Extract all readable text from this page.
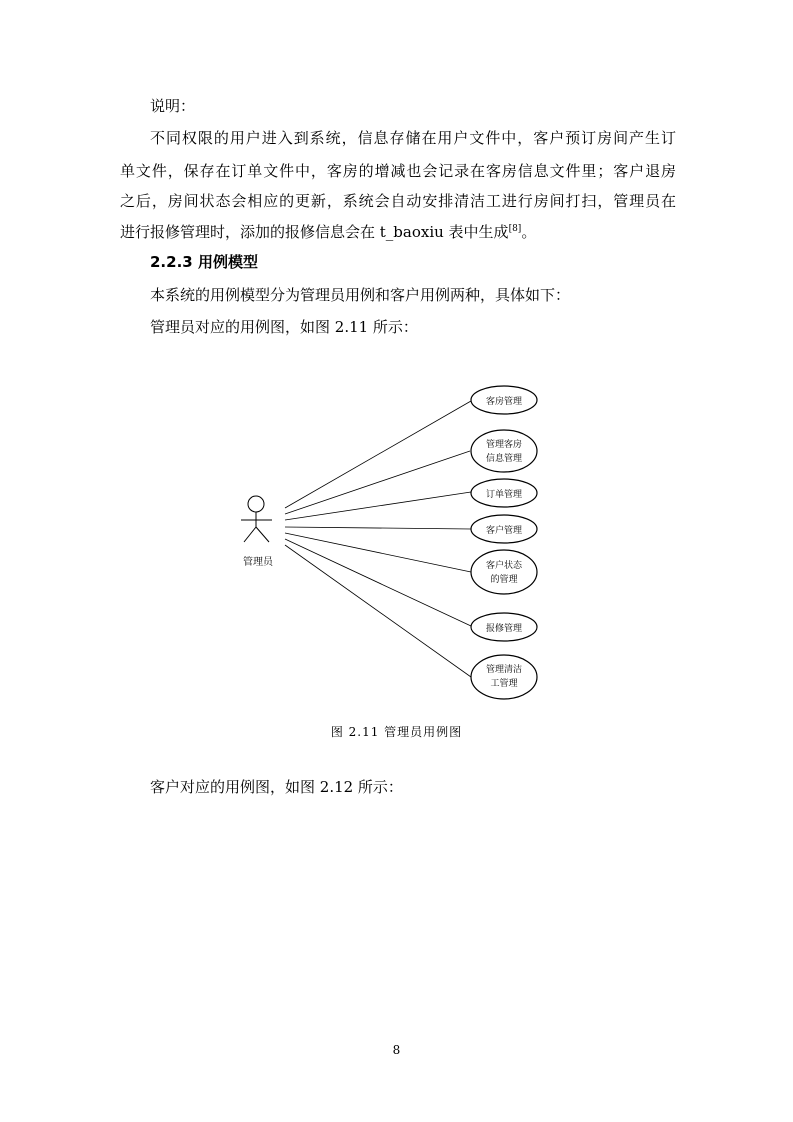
说明：
不同权限的用户进入到系统，信息存储在用户文件中，客户预订房间产生订
单文件，保存在订单文件中，客房的增减也会记录在客房信息文件里；客户退房
之后，房间状态会相应的更新，系统会自动安排清洁工进行房间打扫，管理员在
进行报修管理时，添加的报修信息会在 t_baoxiu 表中生成[8]。
2.2.3 用例模型
本系统的用例模型分为管理员用例和客户用例两种，具体如下：
管理员对应的用例图，如图 2.11 所示：
管理员
客房管理
管理客房
信息管理
订单管理
客户管理
客户状态
的管理
报修管理
管理清洁
工管理
图 2.11 管理员用例图
客户对应的用例图，如图 2.12 所示：
8
